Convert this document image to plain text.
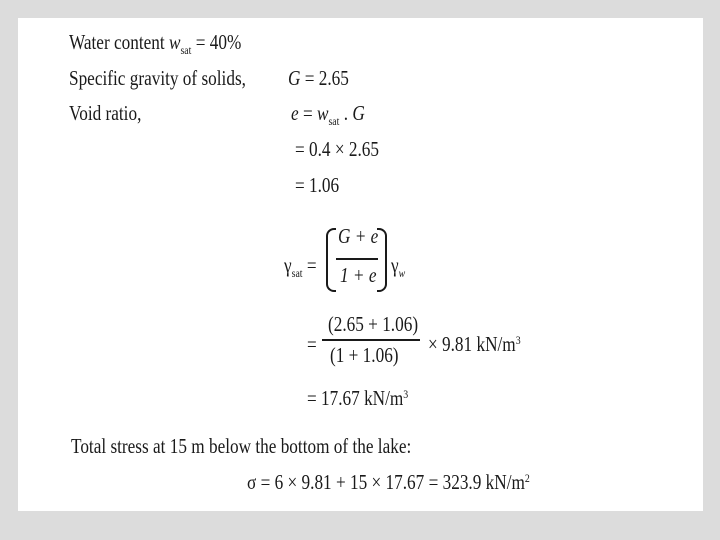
Water content $w_{sat} = 40\%$
Specific gravity of solids, G = 2.65
Void ratio,	$e = w_{sat}$ . G
= 0.4 × 2.65
= 1.06
$\gamma_{sat}$ =
G + e
1 + e $\gamma_w$
=
(2.65 + 1.06)
(1 + 1.06) × 9.81 $kN/m^3$
= 17.67 $kN/m^3$
Total stress at 15 m below the bottom of the lake:
σ = 6 × 9.81 + 15 × 17.67 = 323.9 $kN/m^2$
